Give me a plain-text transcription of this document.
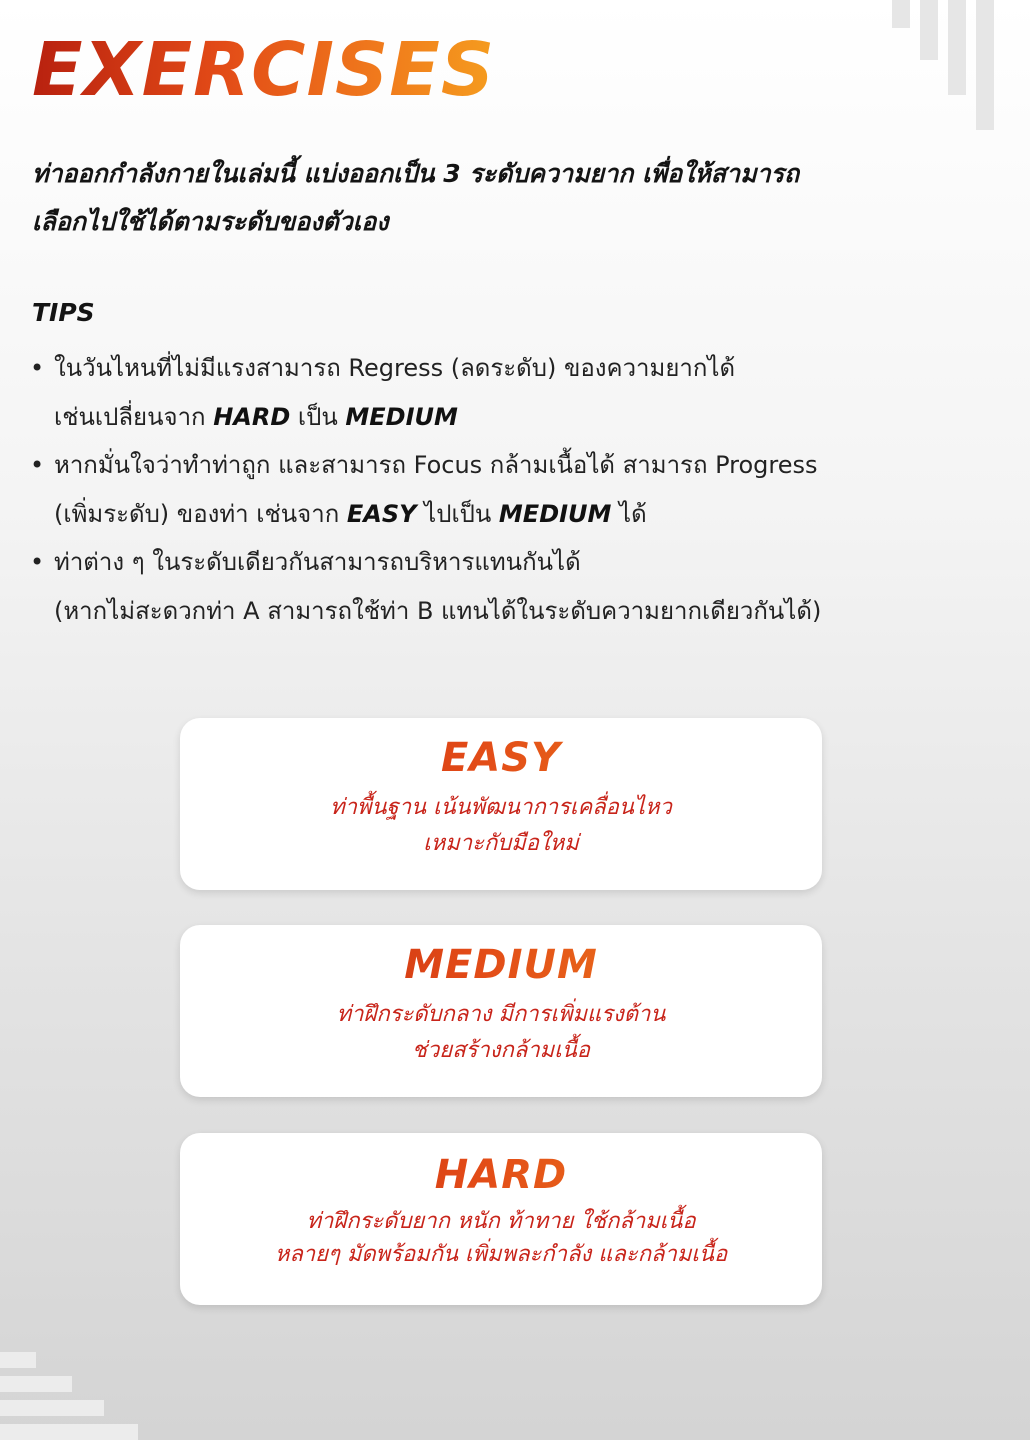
EXERCISES

ท่าออกกำลังกายในเล่มนี้ แบ่งออกเป็น 3 ระดับความยาก เพื่อให้สามารถ
เลือกไปใช้ได้ตามระดับของตัวเอง

TIPS
• ในวันไหนที่ไม่มีแรงสามารถ Regress (ลดระดับ) ของความยากได้
เช่นเปลี่ยนจาก HARD เป็น MEDIUM
• หากมั่นใจว่าทำท่าถูก และสามารถ Focus กล้ามเนื้อได้ สามารถ Progress
(เพิ่มระดับ) ของท่า เช่นจาก EASY ไปเป็น MEDIUM ได้
• ท่าต่าง ๆ ในระดับเดียวกันสามารถบริหารแทนกันได้
(หากไม่สะดวกท่า A สามารถใช้ท่า B แทนได้ในระดับความยากเดียวกันได้)
EASY
ท่าพื้นฐาน เน้นพัฒนาการเคลื่อนไหว
เหมาะกับมือใหม่
MEDIUM
ท่าฝึกระดับกลาง มีการเพิ่มแรงต้าน
ช่วยสร้างกล้ามเนื้อ
HARD
ท่าฝึกระดับยาก หนัก ท้าทาย ใช้กล้ามเนื้อ
หลายๆ มัดพร้อมกัน เพิ่มพละกำลัง และกล้ามเนื้อ
